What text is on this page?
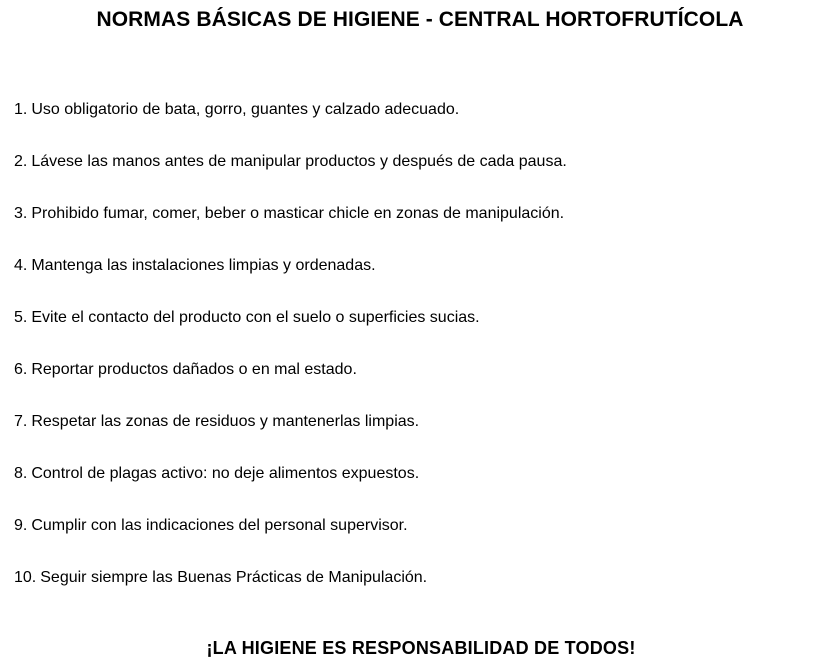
NORMAS BÁSICAS DE HIGIENE - CENTRAL HORTOFRUTÍCOLA
1. Uso obligatorio de bata, gorro, guantes y calzado adecuado.
2. Lávese las manos antes de manipular productos y después de cada pausa.
3. Prohibido fumar, comer, beber o masticar chicle en zonas de manipulación.
4. Mantenga las instalaciones limpias y ordenadas.
5. Evite el contacto del producto con el suelo o superficies sucias.
6. Reportar productos dañados o en mal estado.
7. Respetar las zonas de residuos y mantenerlas limpias.
8. Control de plagas activo: no deje alimentos expuestos.
9. Cumplir con las indicaciones del personal supervisor.
10. Seguir siempre las Buenas Prácticas de Manipulación.

¡LA HIGIENE ES RESPONSABILIDAD DE TODOS!
